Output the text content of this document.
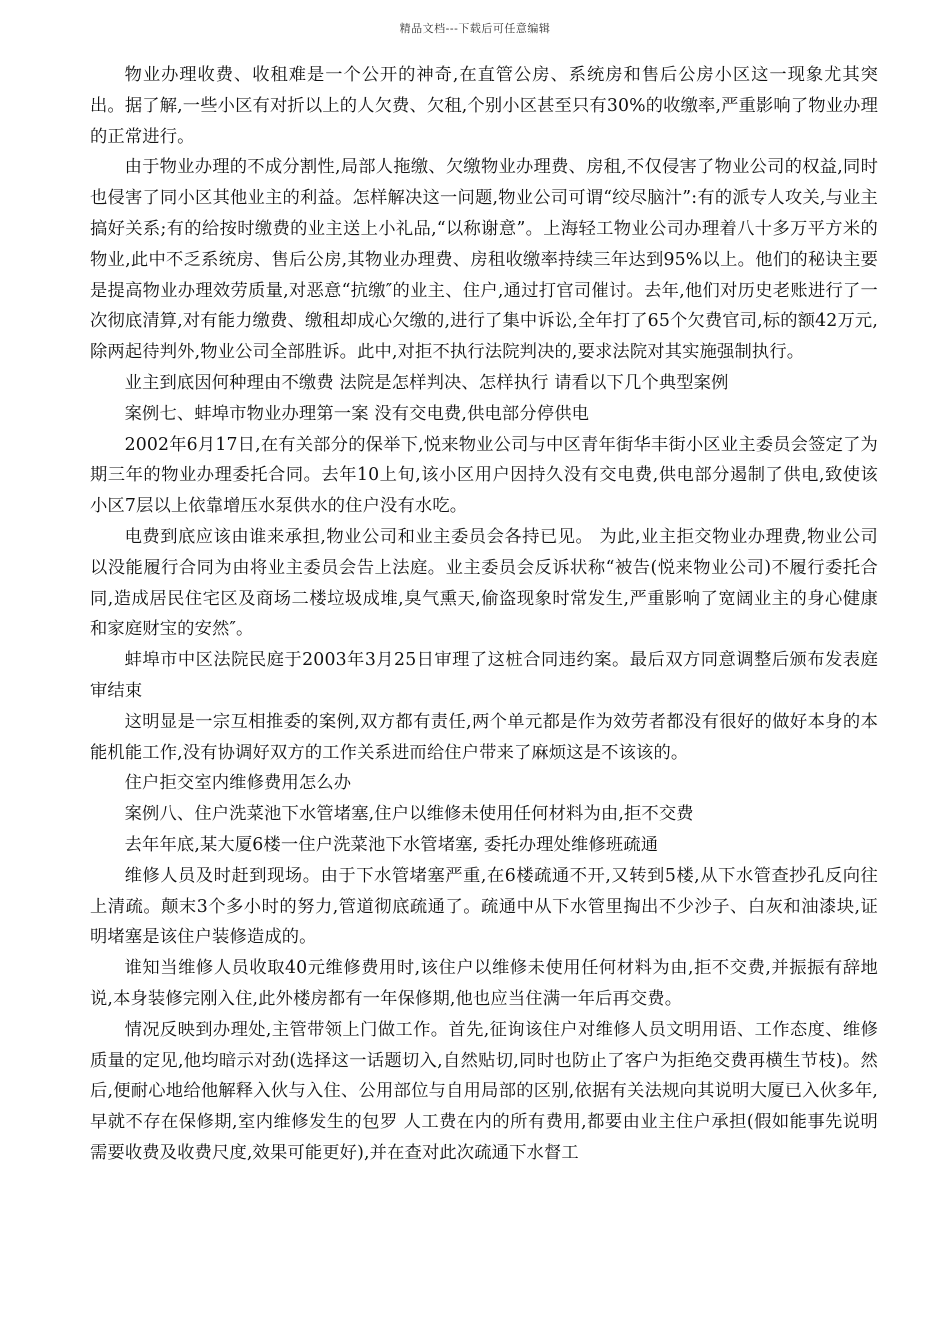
精品文档---下载后可任意编辑

物业办理收费、收租难是一个公开的神奇,在直管公房、系统房和售后公房小区这一现象尤其突出。据了解,一些小区有对折以上的人欠费、欠租,个别小区甚至只有30%的收缴率,严重影响了物业办理的正常进行。

由于物业办理的不成分割性,局部人拖缴、欠缴物业办理费、房租,不仅侵害了物业公司的权益,同时也侵害了同小区其他业主的利益。怎样解决这一问题,物业公司可谓“绞尽脑汁”:有的派专人攻关,与业主搞好关系;有的给按时缴费的业主送上小礼品,“以称谢意”。上海轻工物业公司办理着八十多万平方米的物业,此中不乏系统房、售后公房,其物业办理费、房租收缴率持续三年达到95%以上。他们的秘诀主要是提高物业办理效劳质量,对恶意“抗缴″的业主、住户,通过打官司催讨。去年,他们对历史老账进行了一次彻底清算,对有能力缴费、缴租却成心欠缴的,进行了集中诉讼,全年打了65个欠费官司,标的额42万元,除两起待判外,物业公司全部胜诉。此中,对拒不执行法院判决的,要求法院对其实施强制执行。

业主到底因何种理由不缴费 法院是怎样判决、怎样执行 请看以下几个典型案例

案例七、蚌埠市物业办理第一案 没有交电费,供电部分停供电

2002年6月17日,在有关部分的保举下,悦来物业公司与中区青年街华丰街小区业主委员会签定了为期三年的物业办理委托合同。去年10上旬,该小区用户因持久没有交电费,供电部分遏制了供电,致使该小区7层以上依靠增压水泵供水的住户没有水吃。

电费到底应该由谁来承担,物业公司和业主委员会各持已见。 为此,业主拒交物业办理费,物业公司以没能履行合同为由将业主委员会告上法庭。业主委员会反诉状称“被告(悦来物业公司)不履行委托合同,造成居民住宅区及商场二楼垃圾成堆,臭气熏天,偷盗现象时常发生,严重影响了宽阔业主的身心健康和家庭财宝的安然″。

蚌埠市中区法院民庭于2003年3月25日审理了这桩合同违约案。最后双方同意调整后颁布发表庭审结束

这明显是一宗互相推委的案例,双方都有责任,两个单元都是作为效劳者都没有很好的做好本身的本能机能工作,没有协调好双方的工作关系进而给住户带来了麻烦这是不该该的。

住户拒交室内维修费用怎么办

案例八、住户洗菜池下水管堵塞,住户以维修未使用任何材料为由,拒不交费

去年年底,某大厦6楼一住户洗菜池下水管堵塞, 委托办理处维修班疏通

维修人员及时赶到现场。由于下水管堵塞严重,在6楼疏通不开,又转到5楼,从下水管查抄孔反向往上清疏。颠末3个多小时的努力,管道彻底疏通了。疏通中从下水管里掏出不少沙子、白灰和油漆块,证明堵塞是该住户装修造成的。

谁知当维修人员收取40元维修费用时,该住户以维修未使用任何材料为由,拒不交费,并振振有辞地说,本身装修完刚入住,此外楼房都有一年保修期,他也应当住满一年后再交费。

情况反映到办理处,主管带领上门做工作。首先,征询该住户对维修人员文明用语、工作态度、维修质量的定见,他均暗示对劲(选择这一话题切入,自然贴切,同时也防止了客户为拒绝交费再横生节枝)。然后,便耐心地给他解释入伙与入住、公用部位与自用局部的区别,依据有关法规向其说明大厦已入伙多年,早就不存在保修期,室内维修发生的包罗 人工费在内的所有费用,都要由业主住户承担(假如能事先说明需要收费及收费尺度,效果可能更好),并在查对此次疏通下水督工
